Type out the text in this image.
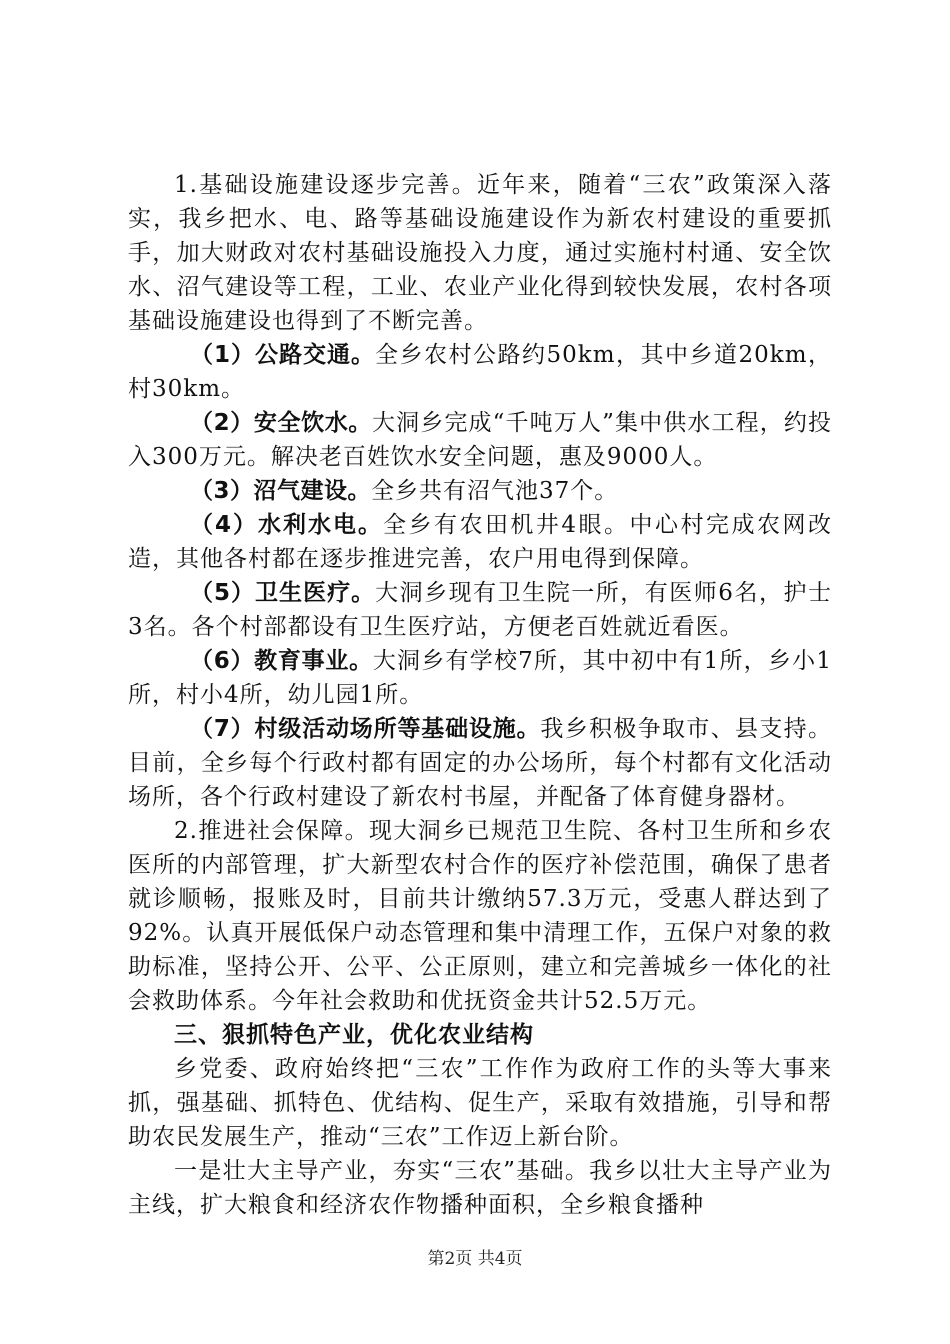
1.基础设施建设逐步完善。近年来，随着“三农”政策深入落实，我乡把水、电、路等基础设施建设作为新农村建设的重要抓手，加大财政对农村基础设施投入力度，通过实施村村通、安全饮水、沼气建设等工程，工业、农业产业化得到较快发展，农村各项基础设施建设也得到了不断完善。

（1）公路交通。全乡农村公路约50km，其中乡道20km，村30km。

（2）安全饮水。大洞乡完成“千吨万人”集中供水工程，约投入300万元。解决老百姓饮水安全问题，惠及9000人。

（3）沼气建设。全乡共有沼气池37个。

（4）水利水电。全乡有农田机井4眼。中心村完成农网改造，其他各村都在逐步推进完善，农户用电得到保障。

（5）卫生医疗。大洞乡现有卫生院一所，有医师6名，护士3名。各个村部都设有卫生医疗站，方便老百姓就近看医。

（6）教育事业。大洞乡有学校7所，其中初中有1所，乡小1所，村小4所，幼儿园1所。

（7）村级活动场所等基础设施。我乡积极争取市、县支持。目前，全乡每个行政村都有固定的办公场所，每个村都有文化活动场所，各个行政村建设了新农村书屋，并配备了体育健身器材。

2.推进社会保障。现大洞乡已规范卫生院、各村卫生所和乡农医所的内部管理，扩大新型农村合作的医疗补偿范围，确保了患者就诊顺畅，报账及时，目前共计缴纳57.3万元，受惠人群达到了92%。认真开展低保户动态管理和集中清理工作，五保户对象的救助标准，坚持公开、公平、公正原则，建立和完善城乡一体化的社会救助体系。今年社会救助和优抚资金共计52.5万元。

三、狠抓特色产业，优化农业结构

乡党委、政府始终把“三农”工作作为政府工作的头等大事来抓，强基础、抓特色、优结构、促生产，采取有效措施，引导和帮助农民发展生产，推动“三农”工作迈上新台阶。

一是壮大主导产业，夯实“三农”基础。我乡以壮大主导产业为主线，扩大粮食和经济农作物播种面积，全乡粮食播种

第2页 共4页
